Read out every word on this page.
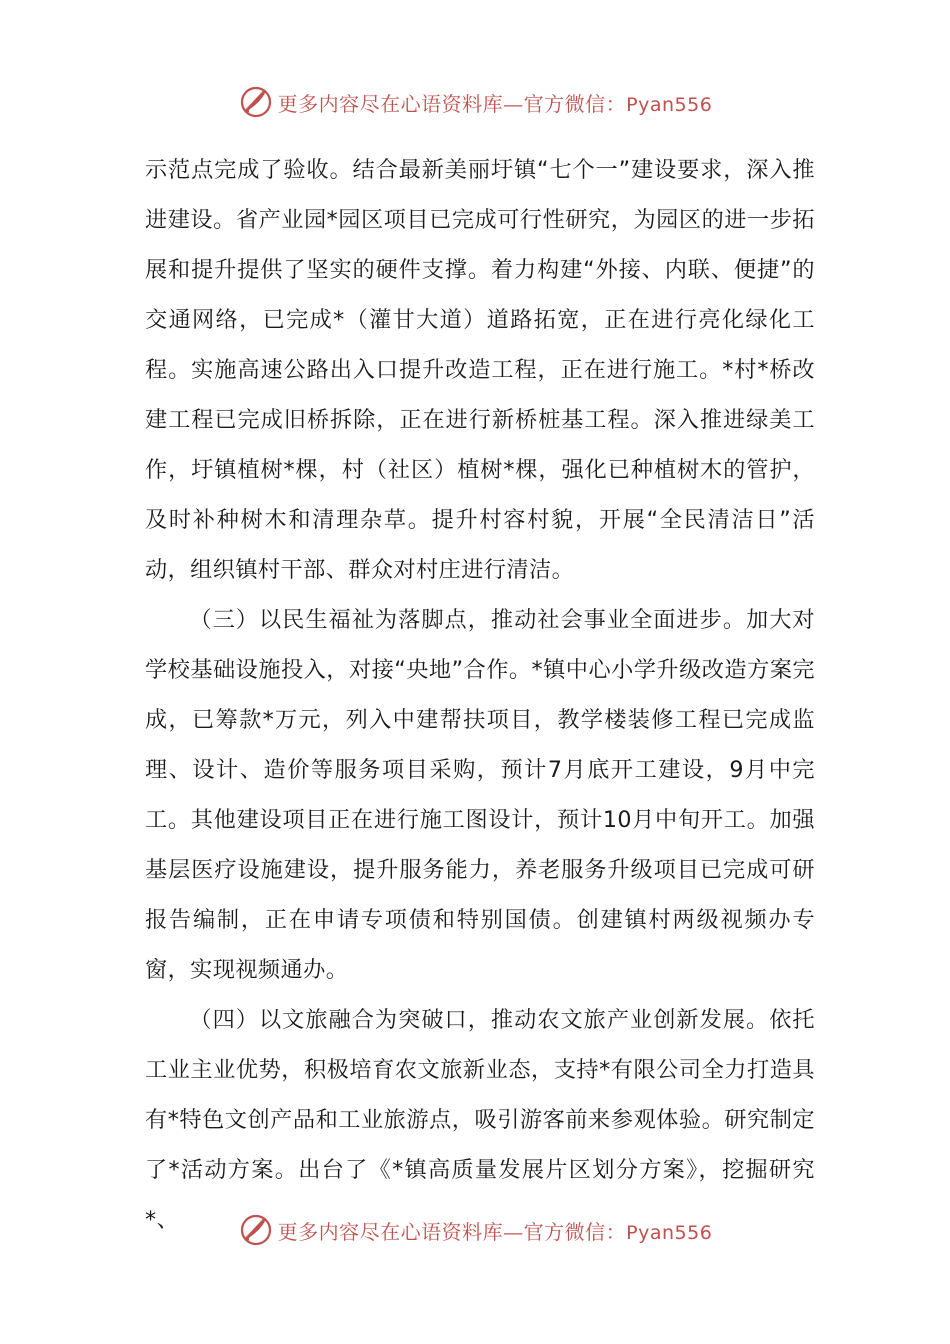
更多内容尽在心语资料库—官方微信：Pyan556

示范点完成了验收。结合最新美丽圩镇“七个一”建设要求，深入推进建设。省产业园*园区项目已完成可行性研究，为园区的进一步拓展和提升提供了坚实的硬件支撑。着力构建“外接、内联、便捷”的交通网络，已完成*（灌甘大道）道路拓宽，正在进行亮化绿化工程。实施高速公路出入口提升改造工程，正在进行施工。*村*桥改建工程已完成旧桥拆除，正在进行新桥桩基工程。深入推进绿美工作，圩镇植树*棵，村（社区）植树*棵，强化已种植树木的管护，及时补种树木和清理杂草。提升村容村貌，开展“全民清洁日”活动，组织镇村干部、群众对村庄进行清洁。

（三）以民生福祉为落脚点，推动社会事业全面进步。加大对学校基础设施投入，对接“央地”合作。*镇中心小学升级改造方案完成，已筹款*万元，列入中建帮扶项目，教学楼装修工程已完成监理、设计、造价等服务项目采购，预计7月底开工建设，9月中完工。其他建设项目正在进行施工图设计，预计10月中旬开工。加强基层医疗设施建设，提升服务能力，养老服务升级项目已完成可研报告编制，正在申请专项债和特别国债。创建镇村两级视频办专窗，实现视频通办。

（四）以文旅融合为突破口，推动农文旅产业创新发展。依托工业主业优势，积极培育农文旅新业态，支持*有限公司全力打造具有*特色文创产品和工业旅游点，吸引游客前来参观体验。研究制定了*活动方案。出台了《*镇高质量发展片区划分方案》，挖掘研究*、	更多内容尽在心语资料库—官方微信：Pyan556
